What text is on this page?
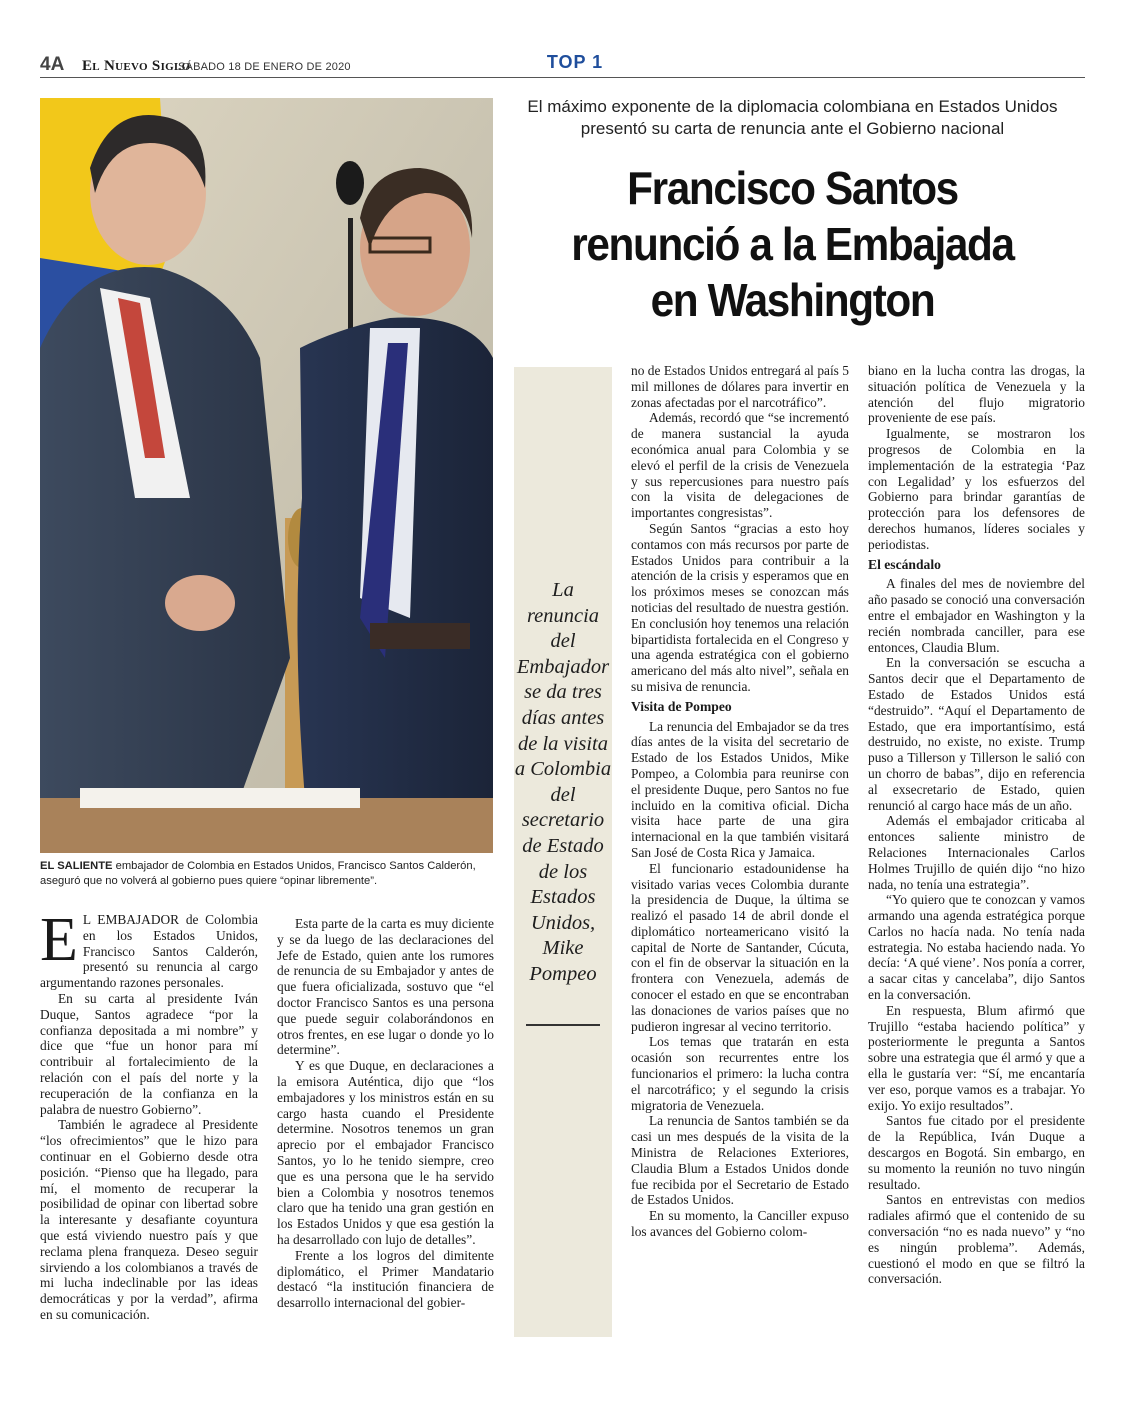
4A El Nuevo Siglo
SÁBADO 18 DE ENERO DE 2020	TOP 1
El máximo exponente de la diplomacia colombiana en Estados Unidos presentó su carta de renuncia ante el Gobierno nacional
Francisco Santos
renunció a la Embajada
en Washington
EL SALIENTE embajador de Colombia en Estados Unidos, Francisco Santos Calderón, aseguró que no volverá al gobierno pues quiere “opinar libremente”.
La renuncia del Embajador se da tres días antes de la visita a Colombia del secretario de Estado de los Estados Unidos, Mike Pompeo

E L EMBAJADOR de Colombia en los Estados Unidos, Francisco Santos Calderón, presentó su renuncia al cargo argumentando razones personales.

En su carta al presidente Iván Duque, Santos agradece “por la confianza depositada a mi nombre” y dice que “fue un honor para mí contribuir al fortalecimiento de la relación con el país del norte y la recuperación de la confianza en la palabra de nuestro Gobierno”.

También le agradece al Presidente “los ofrecimientos” que le hizo para continuar en el Gobierno desde otra posición. “Pienso que ha llegado, para mí, el momento de recuperar la posibilidad de opinar con libertad sobre la interesante y desafiante coyuntura que está viviendo nuestro país y que reclama plena franqueza. Deseo seguir sirviendo a los colombianos a través de mi lucha indeclinable por las ideas democráticas y por la verdad”, afirma en su comunicación.

Esta parte de la carta es muy diciente y se da luego de las declaraciones del Jefe de Estado, quien ante los rumores de renuncia de su Embajador y antes de que fuera oficializada, sostuvo que “el doctor Francisco Santos es una persona que puede seguir colaborándonos en otros frentes, en ese lugar o donde yo lo determine”.

Y es que Duque, en declaraciones a la emisora Auténtica, dijo que “los embajadores y los ministros están en su cargo hasta cuando el Presidente determine. Nosotros tenemos un gran aprecio por el embajador Francisco Santos, yo lo he tenido siempre, creo que es una persona que le ha servido bien a Colombia y nosotros tenemos claro que ha tenido una gran gestión en los Estados Unidos y que esa gestión la ha desarrollado con lujo de detalles”.

Frente a los logros del dimitente diplomático, el Primer Mandatario destacó “la institución financiera de desarrollo internacional del gobier-

no de Estados Unidos entregará al país 5 mil millones de dólares para invertir en zonas afectadas por el narcotráfico”.

Además, recordó que “se incrementó de manera sustancial la ayuda económica anual para Colombia y se elevó el perfil de la crisis de Venezuela y sus repercusiones para nuestro país con la visita de delegaciones de importantes congresistas”.

Según Santos “gracias a esto hoy contamos con más recursos por parte de Estados Unidos para contribuir a la atención de la crisis y esperamos que en los próximos meses se conozcan más noticias del resultado de nuestra gestión. En conclusión hoy tenemos una relación bipartidista fortalecida en el Congreso y una agenda estratégica con el gobierno americano del más alto nivel”, señala en su misiva de renuncia.

Visita de Pompeo

La renuncia del Embajador se da tres días antes de la visita del secretario de Estado de los Estados Unidos, Mike Pompeo, a Colombia para reunirse con el presidente Duque, pero Santos no fue incluido en la comitiva oficial. Dicha visita hace parte de una gira internacional en la que también visitará San José de Costa Rica y Jamaica.

El funcionario estadounidense ha visitado varias veces Colombia durante la presidencia de Duque, la última se realizó el pasado 14 de abril donde el diplomático norteamericano visitó la capital de Norte de Santander, Cúcuta, con el fin de observar la situación en la frontera con Venezuela, además de conocer el estado en que se encontraban las donaciones de varios países que no pudieron ingresar al vecino territorio.

Los temas que tratarán en esta ocasión son recurrentes entre los funcionarios el primero: la lucha contra el narcotráfico; y el segundo la crisis migratoria de Venezuela.

La renuncia de Santos también se da casi un mes después de la visita de la Ministra de Relaciones Exteriores, Claudia Blum a Estados Unidos donde fue recibida por el Secretario de Estado de Estados Unidos.

En su momento, la Canciller expuso los avances del Gobierno colom-

biano en la lucha contra las drogas, la situación política de Venezuela y la atención del flujo migratorio proveniente de ese país.

Igualmente, se mostraron los progresos de Colombia en la implementación de la estrategia ‘Paz con Legalidad’ y los esfuerzos del Gobierno para brindar garantías de protección para los defensores de derechos humanos, líderes sociales y periodistas.

El escándalo

A finales del mes de noviembre del año pasado se conoció una conversación entre el embajador en Washington y la recién nombrada canciller, para ese entonces, Claudia Blum.

En la conversación se escucha a Santos decir que el Departamento de Estado de Estados Unidos está “destruido”. “Aquí el Departamento de Estado, que era importantísimo, está destruido, no existe, no existe. Trump puso a Tillerson y Tillerson le salió con un chorro de babas”, dijo en referencia al exsecretario de Estado, quien renunció al cargo hace más de un año.

Además el embajador criticaba al entonces saliente ministro de Relaciones Internacionales Carlos Holmes Trujillo de quién dijo “no hizo nada, no tenía una estrategia”.

“Yo quiero que te conozcan y vamos armando una agenda estratégica porque Carlos no hacía nada. No tenía nada estrategia. No estaba haciendo nada. Yo decía: ‘A qué viene’. Nos ponía a correr, a sacar citas y cancelaba”, dijo Santos en la conversación.

En respuesta, Blum afirmó que Trujillo “estaba haciendo política” y posteriormente le pregunta a Santos sobre una estrategia que él armó y que a ella le gustaría ver: “Sí, me encantaría ver eso, porque vamos es a trabajar. Yo exijo. Yo exijo resultados”.

Santos fue citado por el presidente de la República, Iván Duque a descargos en Bogotá. Sin embargo, en su momento la reunión no tuvo ningún resultado.

Santos en entrevistas con medios radiales afirmó que el contenido de su conversación “no es nada nuevo” y “no es ningún problema”. Además, cuestionó el modo en que se filtró la conversación.
